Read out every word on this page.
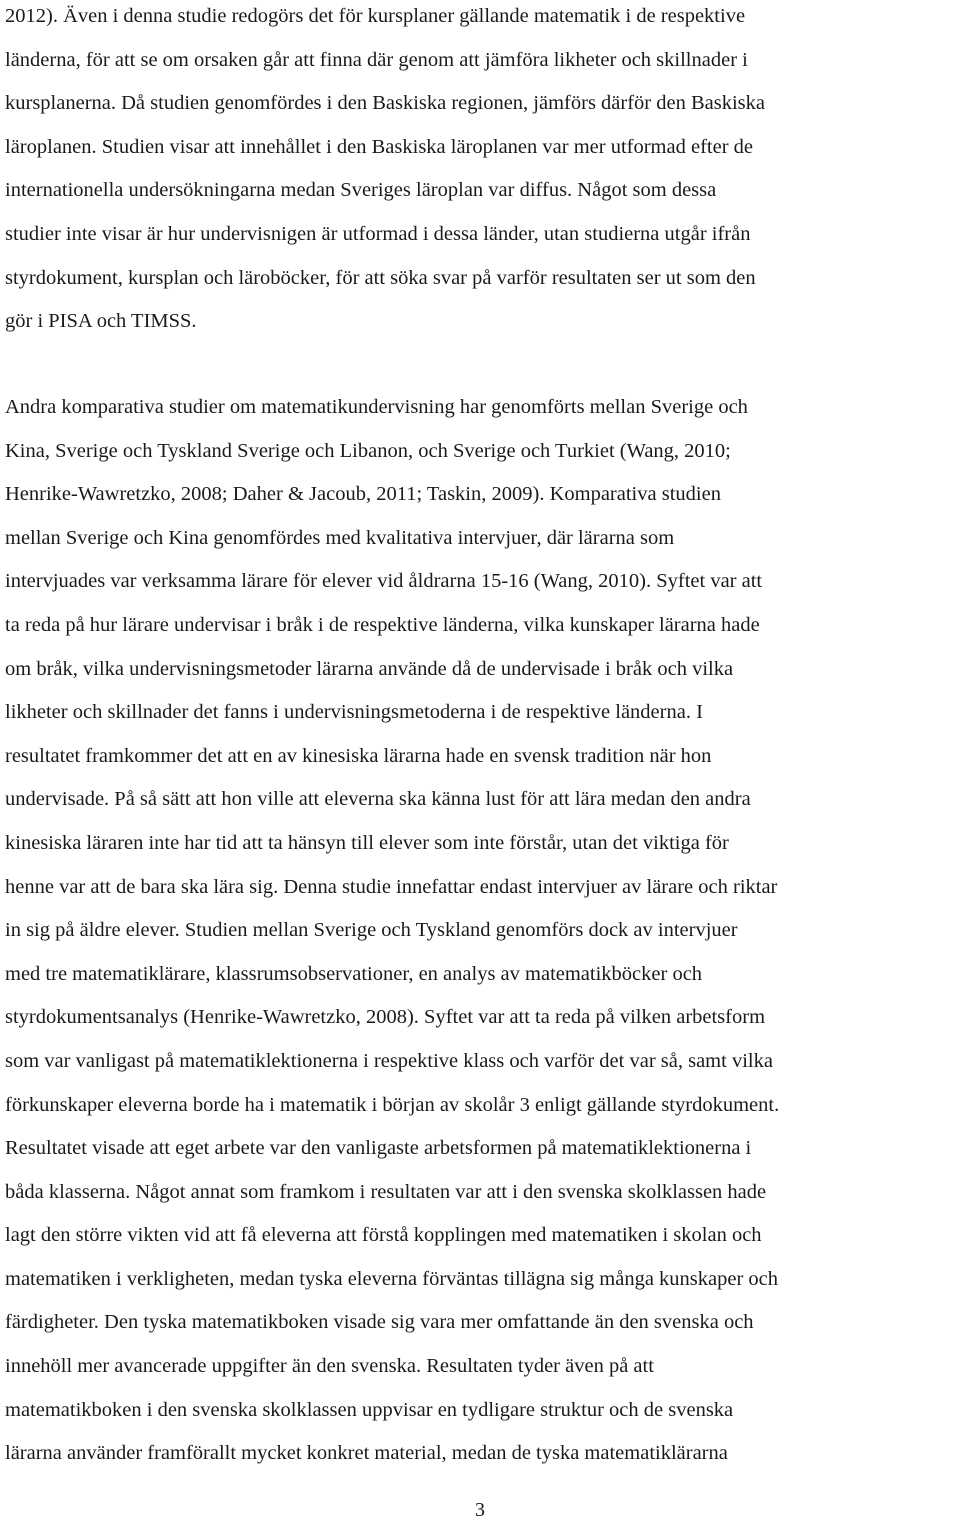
2012). Även i denna studie redogörs det för kursplaner gällande matematik i de respektive
länderna, för att se om orsaken går att finna där genom att jämföra likheter och skillnader i
kursplanerna. Då studien genomfördes i den Baskiska regionen, jämförs därför den Baskiska
läroplanen. Studien visar att innehållet i den Baskiska läroplanen var mer utformad efter de
internationella undersökningarna medan Sveriges läroplan var diffus. Något som dessa
studier inte visar är hur undervisnigen är utformad i dessa länder, utan studierna utgår ifrån
styrdokument, kursplan och läroböcker, för att söka svar på varför resultaten ser ut som den
gör i PISA och TIMSS.

Andra komparativa studier om matematikundervisning har genomförts mellan Sverige och
Kina, Sverige och Tyskland Sverige och Libanon, och Sverige och Turkiet (Wang, 2010;
Henrike-Wawretzko, 2008; Daher & Jacoub, 2011; Taskin, 2009). Komparativa studien
mellan Sverige och Kina genomfördes med kvalitativa intervjuer, där lärarna som
intervjuades var verksamma lärare för elever vid åldrarna 15-16 (Wang, 2010). Syftet var att
ta reda på hur lärare undervisar i bråk i de respektive länderna, vilka kunskaper lärarna hade
om bråk, vilka undervisningsmetoder lärarna använde då de undervisade i bråk och vilka
likheter och skillnader det fanns i undervisningsmetoderna i de respektive länderna. I
resultatet framkommer det att en av kinesiska lärarna hade en svensk tradition när hon
undervisade. På så sätt att hon ville att eleverna ska känna lust för att lära medan den andra
kinesiska läraren inte har tid att ta hänsyn till elever som inte förstår, utan det viktiga för
henne var att de bara ska lära sig. Denna studie innefattar endast intervjuer av lärare och riktar
in sig på äldre elever. Studien mellan Sverige och Tyskland genomförs dock av intervjuer
med tre matematiklärare, klassrumsobservationer, en analys av matematikböcker och
styrdokumentsanalys (Henrike-Wawretzko, 2008). Syftet var att ta reda på vilken arbetsform
som var vanligast på matematiklektionerna i respektive klass och varför det var så, samt vilka
förkunskaper eleverna borde ha i matematik i början av skolår 3 enligt gällande styrdokument.
Resultatet visade att eget arbete var den vanligaste arbetsformen på matematiklektionerna i
båda klasserna. Något annat som framkom i resultaten var att i den svenska skolklassen hade
lagt den större vikten vid att få eleverna att förstå kopplingen med matematiken i skolan och
matematiken i verkligheten, medan tyska eleverna förväntas tillägna sig många kunskaper och
färdigheter. Den tyska matematikboken visade sig vara mer omfattande än den svenska och
innehöll mer avancerade uppgifter än den svenska. Resultaten tyder även på att
matematikboken i den svenska skolklassen uppvisar en tydligare struktur och de svenska
lärarna använder framförallt mycket konkret material, medan de tyska matematiklärarna

3
